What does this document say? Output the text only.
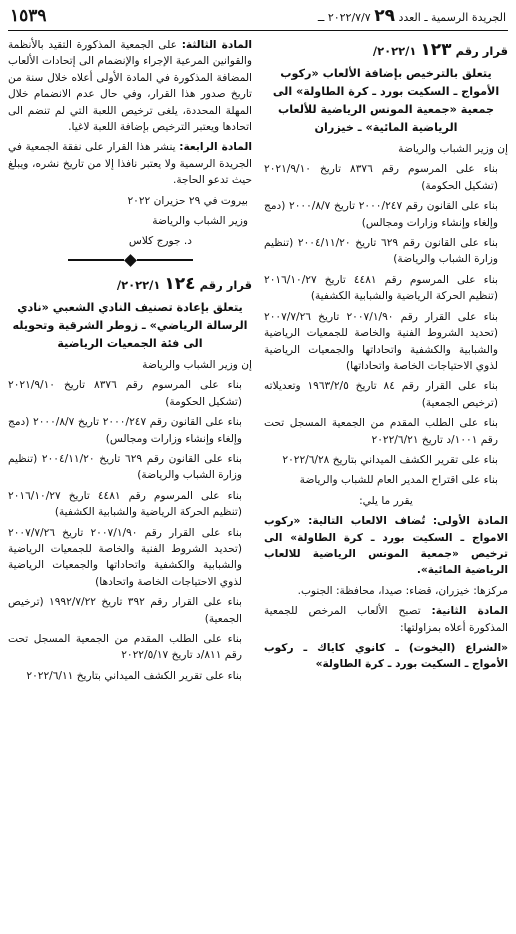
الجريدة الرسمية ـ العدد ٢٩ ٢٠٢٢/٧/٧ ــ
١٥٣٩
قرار رقم ١٢٣ ٢٠٢٢/١/

يتعلق بالترخيص بإضافة الألعاب «ركوب الأمواج ـ السكيت بورد ـ كرة الطاولة» الى جمعية «جمعية المونس الرياضية للألعاب الرياضية المائية» ـ خيزران

إن وزير الشباب والرياضة

بناء على المرسوم رقم ٨٣٧٦ تاريخ ٢٠٢١/٩/١٠ (تشكيل الحكومة)

بناء على القانون رقم ٢٠٠٠/٢٤٧ تاريخ ٢٠٠٠/٨/٧ (دمج وإلغاء وإنشاء وزارات ومجالس)

بناء على القانون رقم ٦٢٩ تاريخ ٢٠٠٤/١١/٢٠ (تنظيم وزارة الشباب والرياضة)

بناء على المرسوم رقم ٤٤٨١ تاريخ ٢٠١٦/١٠/٢٧ (تنظيم الحركة الرياضية والشبابية الكشفية)

بناء على القرار رقم ٢٠٠٧/١/٩٠ تاريخ ٢٠٠٧/٧/٢٦ (تحديد الشروط الفنية والخاصة للجمعيات الرياضية والشبابية والكشفية واتحاداتها والجمعيات الرياضية لذوي الاحتياجات الخاصة واتحاداتها)

بناء على القرار رقم ٨٤ تاريخ ١٩٦٣/٢/٥ وتعديلاته (ترخيص الجمعية)

بناء على الطلب المقدم من الجمعية المسجل تحت رقم ١٠٠١/د تاريخ ٢٠٢٢/٦/٢١

بناء على تقرير الكشف الميداني بتاريخ ٢٠٢٢/٦/٢٨

بناء على اقتراح المدير العام للشباب والرياضة

يقرر ما يلي:

المادة الأولى: تُضاف الالعاب التالية: «ركوب الامواج ـ السكيت بورد ـ كرة الطاولة» الى ترخيص «جمعية المونس الرياضية للالعاب الرياضية المائية».

مركزها: خيزران، قضاء: صيدا، محافظة: الجنوب.

المادة الثانية: تصبح الألعاب المرخص للجمعية المذكورة أعلاه بمزاولتها:

«الشراع (اليخوت) ـ كانوي كاياك ـ ركوب الأمواج ـ السكيت بورد ـ كرة الطاولة»

المادة الثالثة: على الجمعية المذكورة التقيد بالأنظمة والقوانين المرعية الإجراء والإنضمام الى إتحادات الألعاب المضافة المذكورة في المادة الأولى أعلاه خلال سنة من تاريخ صدور هذا القرار، وفي حال عدم الانضمام خلال المهلة المحددة، يلغى ترخيص اللعبة التي لم تنضم الى اتحادها ويعتبر الترخيص بإضافة اللعبة لاغيا.

المادة الرابعة: ينشر هذا القرار على نفقة الجمعية في الجريدة الرسمية ولا يعتبر نافذا إلا من تاريخ نشره، ويبلغ حيث تدعو الحاجة.

بيروت في ٢٩ حزيران ٢٠٢٢

وزير الشباب والرياضة

د. جورج كلاس

قرار رقم ١٢٤ ٢٠٢٢/١/

يتعلق بإعادة تصنيف النادي الشعبي «نادي الرسالة الرياضي» ـ زوطر الشرقية وتحويله الى فئة الجمعيات الرياضية

إن وزير الشباب والرياضة

بناء على المرسوم رقم ٨٣٧٦ تاريخ ٢٠٢١/٩/١٠ (تشكيل الحكومة)

بناء على القانون رقم ٢٠٠٠/٢٤٧ تاريخ ٢٠٠٠/٨/٧ (دمج وإلغاء وإنشاء وزارات ومجالس)

بناء على القانون رقم ٦٢٩ تاريخ ٢٠٠٤/١١/٢٠ (تنظيم وزارة الشباب والرياضة)

بناء على المرسوم رقم ٤٤٨١ تاريخ ٢٠١٦/١٠/٢٧ (تنظيم الحركة الرياضية والشبابية الكشفية)

بناء على القرار رقم ٢٠٠٧/١/٩٠ تاريخ ٢٠٠٧/٧/٢٦ (تحديد الشروط الفنية والخاصة للجمعيات الرياضية والشبابية والكشفية واتحاداتها والجمعيات الرياضية لذوي الاحتياجات الخاصة واتحادها)

بناء على القرار رقم ٣٩٢ تاريخ ١٩٩٢/٧/٢٢ (ترخيص الجمعية)

بناء على الطلب المقدم من الجمعية المسجل تحت رقم ٨١١/د تاريخ ٢٠٢٢/٥/١٧

بناء على تقرير الكشف الميداني بتاريخ ٢٠٢٢/٦/١١
